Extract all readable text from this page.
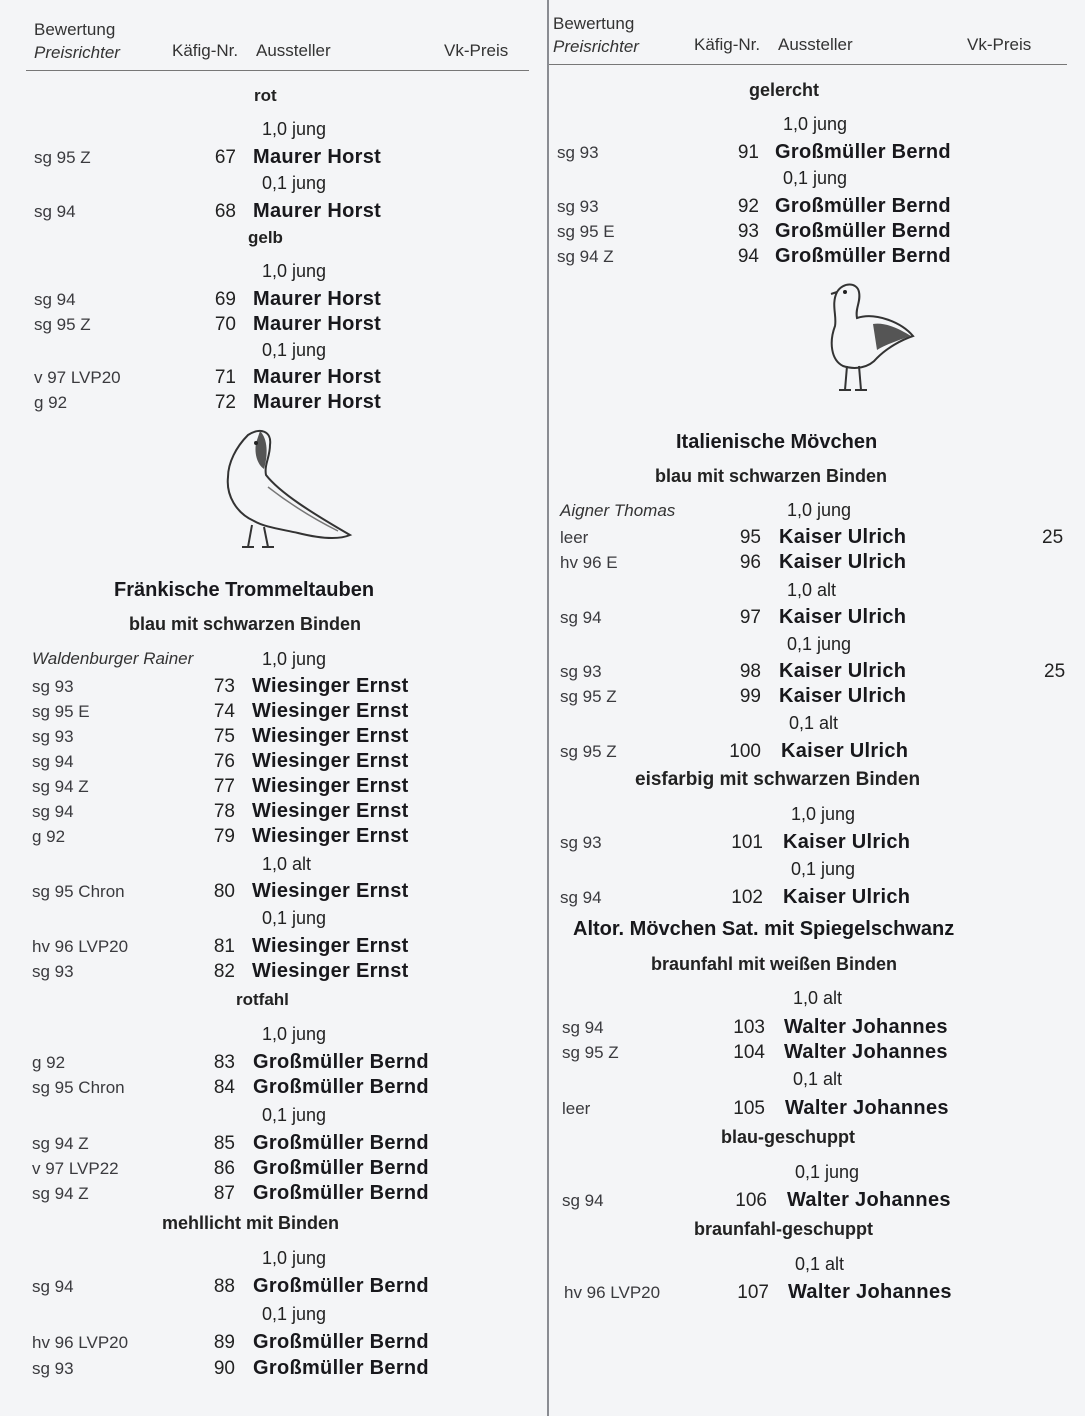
Bewertung
Preisrichter	Käfig-Nr. Aussteller	Vk-Preis
rot
1,0 jung
sg 95 Z	67 Maurer Horst
0,1 jung
sg 94	68 Maurer Horst
gelb
1,0 jung
sg 94	69 Maurer Horst
sg 95 Z	70 Maurer Horst
0,1 jung
v 97 LVP20	71 Maurer Horst
g 92	72 Maurer Horst
Fränkische Trommeltauben
blau mit schwarzen Binden
Waldenburger Rainer	1,0 jung
sg 93	73 Wiesinger Ernst
sg 95 E	74 Wiesinger Ernst
sg 93	75 Wiesinger Ernst
sg 94	76 Wiesinger Ernst
sg 94 Z	77 Wiesinger Ernst
sg 94	78 Wiesinger Ernst
g 92	79 Wiesinger Ernst
1,0 alt
sg 95 Chron	80 Wiesinger Ernst
0,1 jung
hv 96 LVP20	81 Wiesinger Ernst
sg 93	82 Wiesinger Ernst
rotfahl
1,0 jung
g 92	83 Großmüller Bernd
sg 95 Chron	84 Großmüller Bernd
0,1 jung
sg 94 Z	85 Großmüller Bernd
v 97 LVP22	86 Großmüller Bernd
sg 94 Z	87 Großmüller Bernd
mehllicht mit Binden
1,0 jung
sg 94	88 Großmüller Bernd
0,1 jung
hv 96 LVP20	89 Großmüller Bernd
sg 93	90 Großmüller Bernd
Bewertung
Preisrichter	Käfig-Nr. Aussteller	Vk-Preis
gelercht
1,0 jung
sg 93	91 Großmüller Bernd
0,1 jung
sg 93	92 Großmüller Bernd
sg 95 E	93 Großmüller Bernd
sg 94 Z	94 Großmüller Bernd
Italienische Mövchen
blau mit schwarzen Binden
Aigner Thomas	1,0 jung
leer	95 Kaiser Ulrich	25
hv 96 E	96 Kaiser Ulrich
1,0 alt
sg 94	97 Kaiser Ulrich
0,1 jung
sg 93	98 Kaiser Ulrich	25
sg 95 Z	99 Kaiser Ulrich
0,1 alt
sg 95 Z	100 Kaiser Ulrich
eisfarbig mit schwarzen Binden
1,0 jung
sg 93	101 Kaiser Ulrich
0,1 jung
sg 94	102 Kaiser Ulrich
Altor. Mövchen Sat. mit Spiegelschwanz
braunfahl mit weißen Binden
1,0 alt
sg 94	103 Walter Johannes
sg 95 Z	104 Walter Johannes
0,1 alt
leer	105 Walter Johannes
blau-geschuppt
0,1 jung
sg 94	106 Walter Johannes
braunfahl-geschuppt
0,1 alt
hv 96 LVP20	107 Walter Johannes
